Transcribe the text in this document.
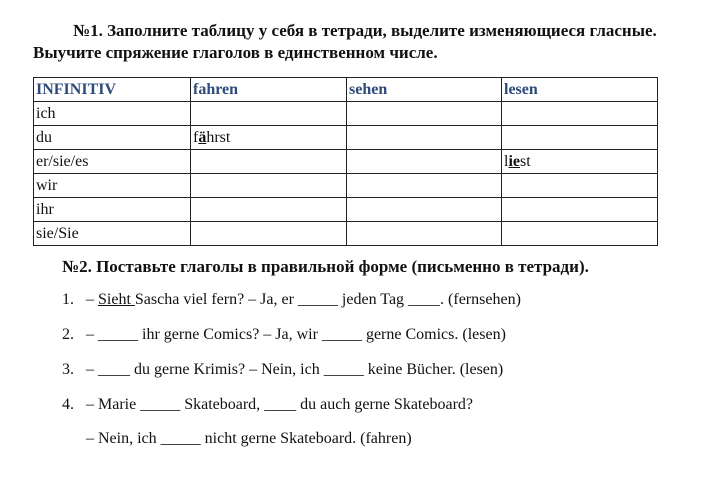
№1. Заполните таблицу у себя в тетради, выделите изменяющиеся гласные. Выучите спряжение глаголов в единственном числе.

INFINITIV	fahren	sehen	lesen
ich			
du	fährst		
er/sie/es			liest
wir			
ihr			
sie/Sie			

№2. Поставьте глаголы в правильной форме (письменно в тетради).

1. – Sieht Sascha viel fern? – Ja, er _____ jeden Tag ____. (fernsehen)
2. – _____ ihr gerne Comics? – Ja, wir _____ gerne Comics. (lesen)
3. – ____ du gerne Krimis? – Nein, ich _____ keine Bücher. (lesen)
4. – Marie _____ Skateboard, ____ du auch gerne Skateboard?
– Nein, ich _____ nicht gerne Skateboard. (fahren)
